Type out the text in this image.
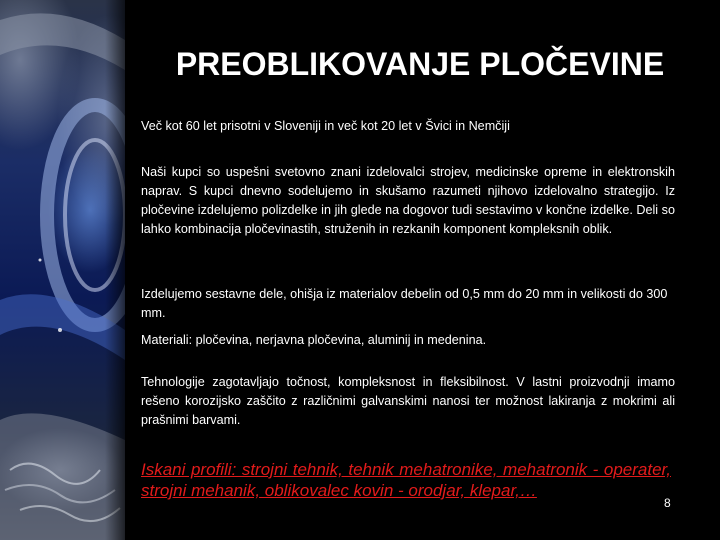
PREOBLIKOVANJE PLOČEVINE
Več kot 60 let prisotni v Sloveniji in več kot 20 let v Švici in Nemčiji
Naši kupci so uspešni svetovno znani izdelovalci strojev, medicinske opreme in elektronskih naprav. S kupci dnevno sodelujemo in skušamo razumeti njihovo izdelovalno strategijo. Iz pločevine izdelujemo polizdelke in jih glede na dogovor tudi sestavimo v končne izdelke. Deli so lahko kombinacija pločevinastih, struženih in rezkanih komponent kompleksnih oblik.
Izdelujemo sestavne dele, ohišja iz materialov debelin od 0,5 mm do 20 mm in velikosti do 300 mm.
Materiali: pločevina, nerjavna pločevina, aluminij in medenina.
Tehnologije zagotavljajo točnost, kompleksnost in fleksibilnost. V lastni proizvodnji imamo rešeno korozijsko zaščito z različnimi galvanskimi nanosi ter možnost lakiranja z mokrimi ali prašnimi barvami.
Iskani profili: strojni tehnik, tehnik mehatronike, mehatronik - operater, strojni mehanik, oblikovalec kovin - orodjar, klepar,…
8
